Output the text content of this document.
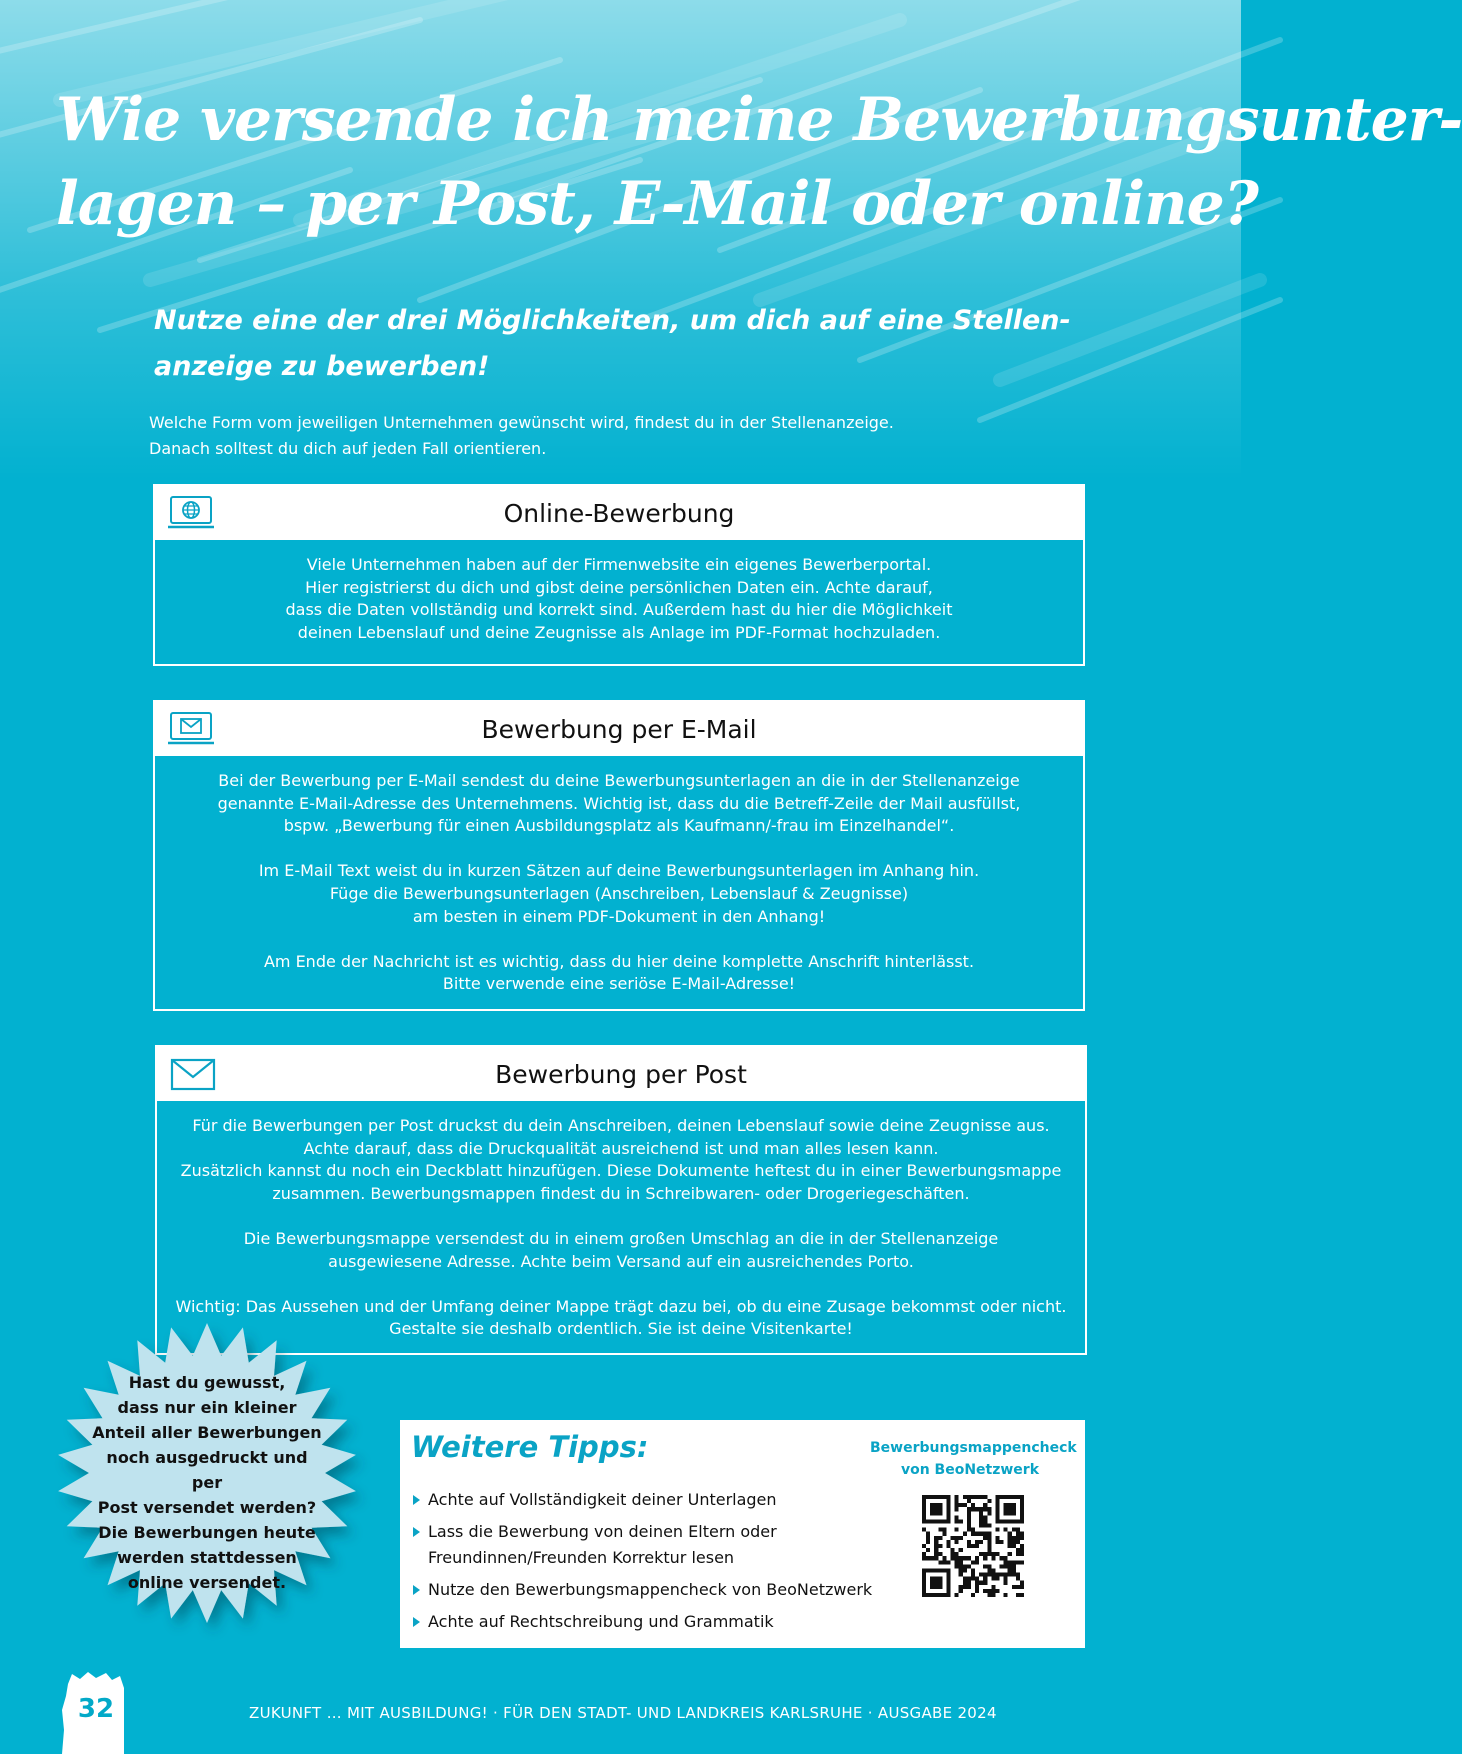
Wie versende ich meine Bewerbungsunter-
lagen – per Post, E-Mail oder online?
Nutze eine der drei Möglichkeiten, um dich auf eine Stellen-
anzeige zu bewerben!
Welche Form vom jeweiligen Unternehmen gewünscht wird, findest du in der Stellenanzeige.
Danach solltest du dich auf jeden Fall orientieren.
Online-Bewerbung

Viele Unternehmen haben auf der Firmenwebsite ein eigenes Bewerberportal.
Hier registrierst du dich und gibst deine persönlichen Daten ein. Achte darauf,
dass die Daten vollständig und korrekt sind. Außerdem hast du hier die Möglichkeit
deinen Lebenslauf und deine Zeugnisse als Anlage im PDF-Format hochzuladen.

Bewerbung per E-Mail

Bei der Bewerbung per E-Mail sendest du deine Bewerbungsunterlagen an die in der Stellenanzeige
genannte E-Mail-Adresse des Unternehmens. Wichtig ist, dass du die Betreff-Zeile der Mail ausfüllst,
bspw. „Bewerbung für einen Ausbildungsplatz als Kaufmann/-frau im Einzelhandel“.

Im E-Mail Text weist du in kurzen Sätzen auf deine Bewerbungsunterlagen im Anhang hin.
Füge die Bewerbungsunterlagen (Anschreiben, Lebenslauf & Zeugnisse)
am besten in einem PDF-Dokument in den Anhang!

Am Ende der Nachricht ist es wichtig, dass du hier deine komplette Anschrift hinterlässt.
Bitte verwende eine seriöse E-Mail-Adresse!

Bewerbung per Post

Für die Bewerbungen per Post druckst du dein Anschreiben, deinen Lebenslauf sowie deine Zeugnisse aus.
Achte darauf, dass die Druckqualität ausreichend ist und man alles lesen kann.
Zusätzlich kannst du noch ein Deckblatt hinzufügen. Diese Dokumente heftest du in einer Bewerbungsmappe
zusammen. Bewerbungsmappen findest du in Schreibwaren- oder Drogeriegeschäften.

Die Bewerbungsmappe versendest du in einem großen Umschlag an die in der Stellenanzeige
ausgewiesene Adresse. Achte beim Versand auf ein ausreichendes Porto.

Wichtig: Das Aussehen und der Umfang deiner Mappe trägt dazu bei, ob du eine Zusage bekommst oder nicht.
Gestalte sie deshalb ordentlich. Sie ist deine Visitenkarte!

Hast du gewusst,
dass nur ein kleiner
Anteil aller Bewerbungen
noch ausgedruckt und per
Post versendet werden?
Die Bewerbungen heute
werden stattdessen
online versendet.
Weitere Tipps:
Achte auf Vollständigkeit deiner Unterlagen
Lass die Bewerbung von deinen Eltern oder
Freundinnen/Freunden Korrektur lesen
Nutze den Bewerbungsmappencheck von BeoNetzwerk
Achte auf Rechtschreibung und Grammatik
Bewerbungsmappencheck
von BeoNetzwerk
32	ZUKUNFT … MIT AUSBILDUNG! · FÜR DEN STADT- UND LANDKREIS KARLSRUHE · AUSGABE 2024
